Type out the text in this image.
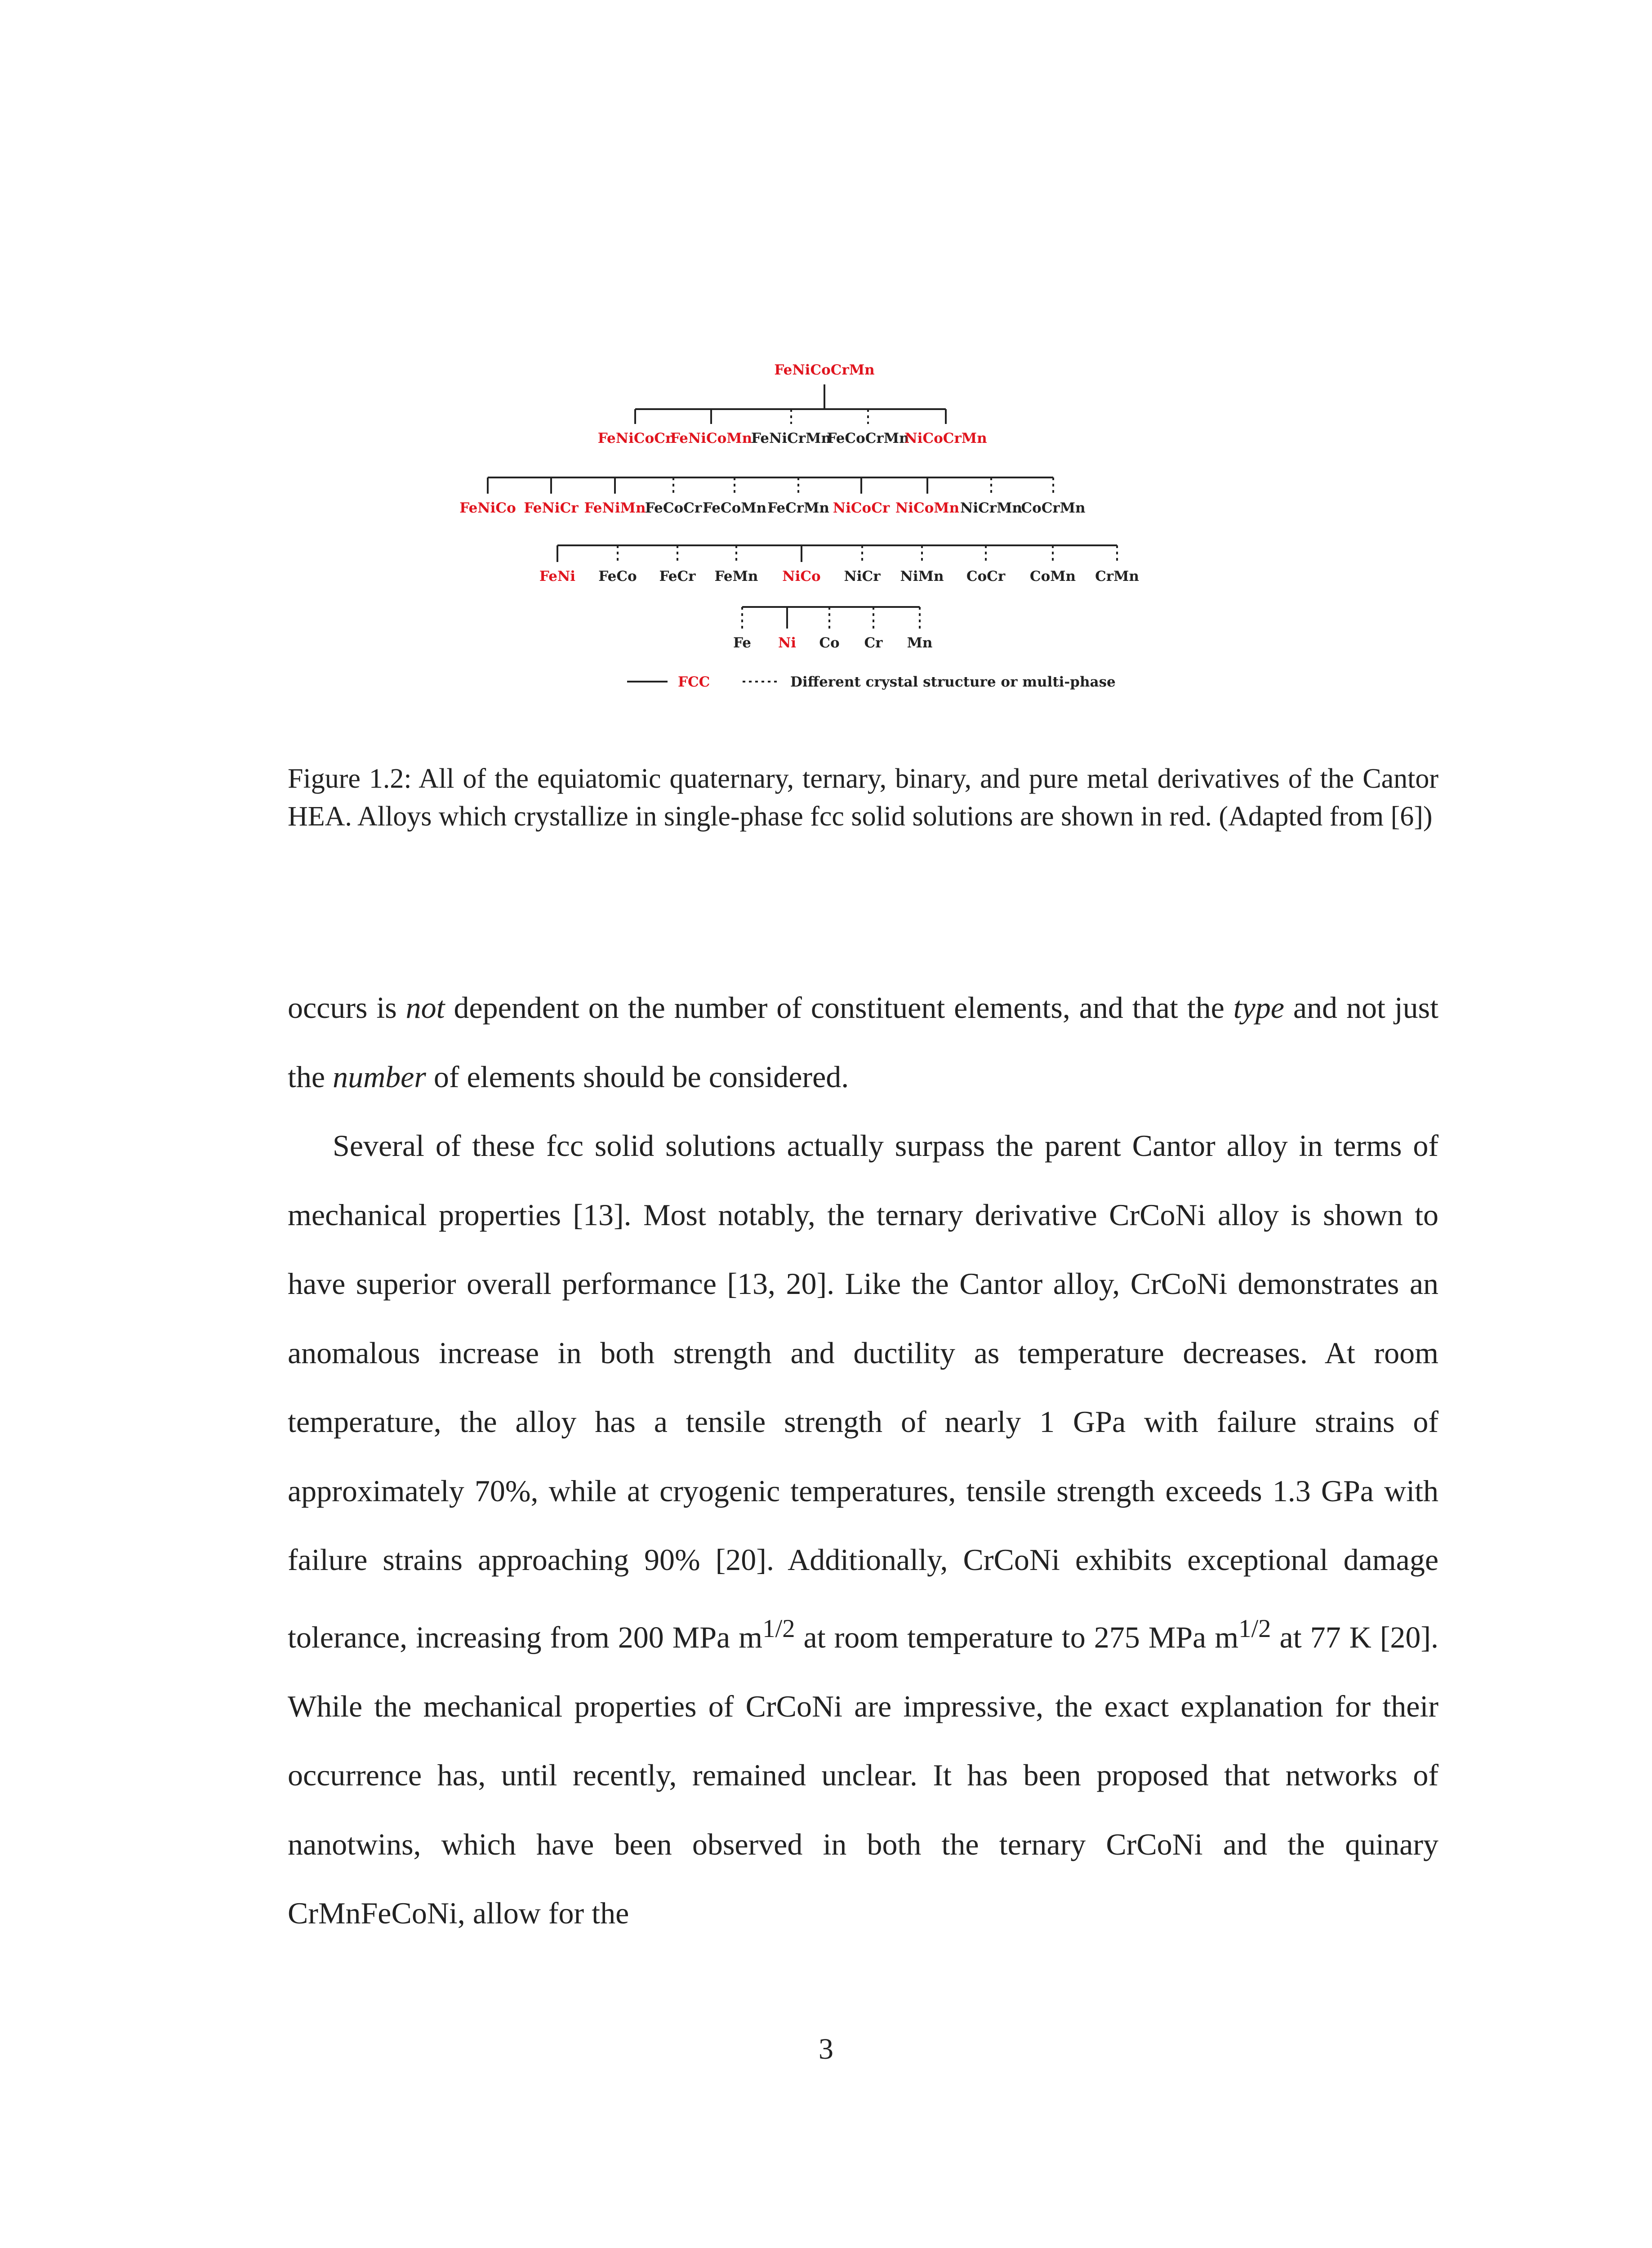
FeNiCoCrMn
FeNiCoCr
FeNiCoMn
FeNiCrMn
FeCoCrMn
NiCoCrMn
FeNiCo FeNiCr FeNiMn
FeCoCr FeCoMn FeCrMn NiCoCr NiCoMn NiCrMn
CoCrMn
FeNi FeCo FeCr FeMn NiCo NiCr NiMn CoCr CoMn CrMn
Fe Ni Co Cr Mn
FCC	Different crystal structure or multi-phase
Figure 1.2: All of the equiatomic quaternary, ternary, binary, and pure metal derivatives of the Cantor HEA. Alloys which crystallize in single-phase fcc solid solutions are shown in red. (Adapted from [6])

occurs is not dependent on the number of constituent elements, and that the type and not just the number of elements should be considered.

Several of these fcc solid solutions actually surpass the parent Cantor alloy in terms of mechanical properties [13]. Most notably, the ternary derivative CrCoNi alloy is shown to have superior overall performance [13, 20]. Like the Cantor alloy, CrCoNi demonstrates an anomalous increase in both strength and ductility as temperature decreases. At room temperature, the alloy has a tensile strength of nearly 1 GPa with failure strains of approximately 70%, while at cryogenic temperatures, tensile strength exceeds 1.3 GPa with failure strains approaching 90% [20]. Additionally, CrCoNi exhibits exceptional damage tolerance, increasing from 200 MPa $m^{1/2}$ at room temperature to 275 MPa $m^{1/2}$ at 77 K [20]. While the mechanical properties of CrCoNi are impressive, the exact explanation for their occurrence has, until recently, remained unclear. It has been proposed that networks of nanotwins, which have been observed in both the ternary CrCoNi and the quinary CrMnFeCoNi, allow for the

3
